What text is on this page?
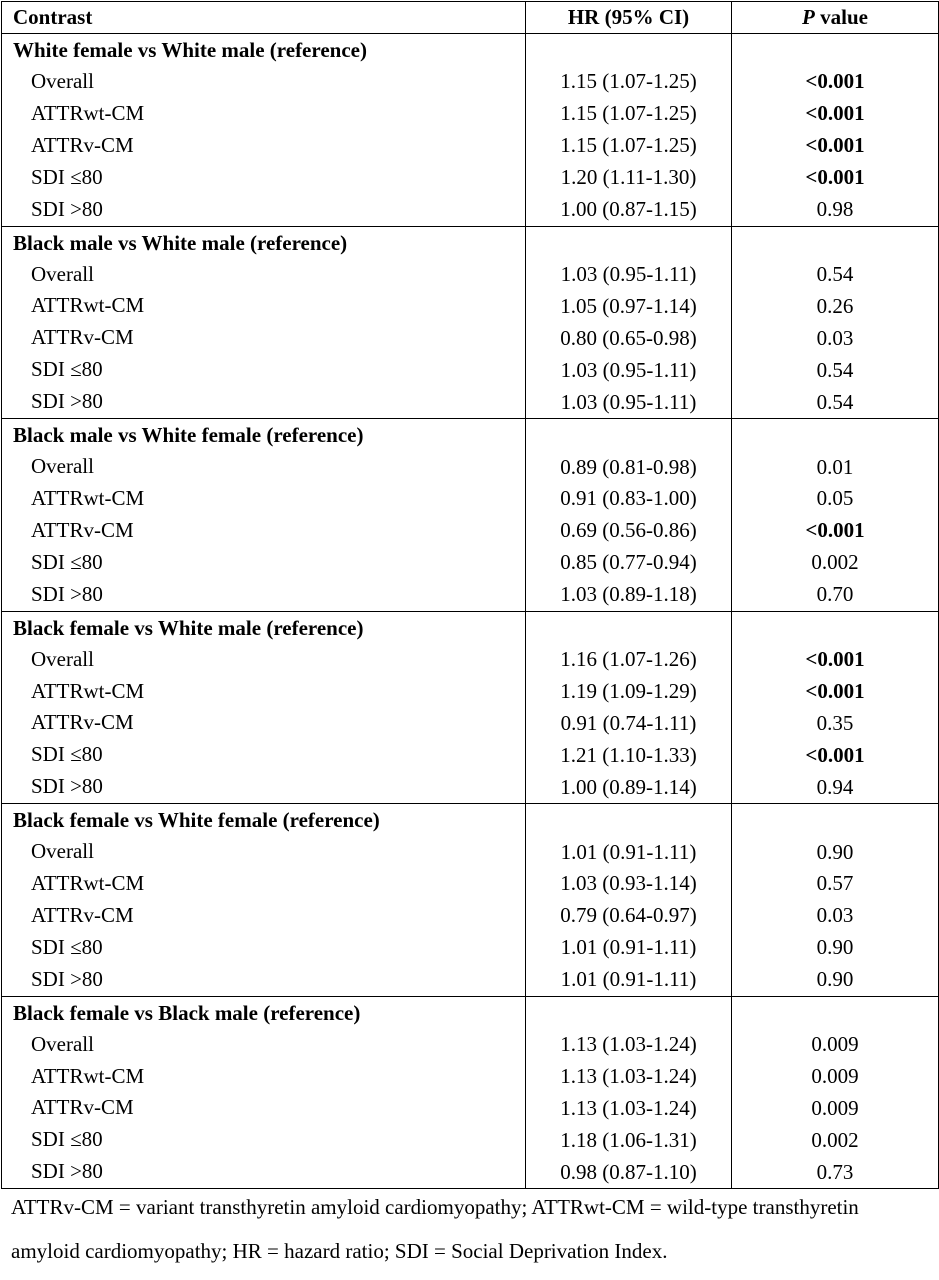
Contrast	HR (95% CI)	P value
White female vs White male (reference)		
Overall	1.15 (1.07-1.25)	<0.001
ATTRwt-CM	1.15 (1.07-1.25)	<0.001
ATTRv-CM	1.15 (1.07-1.25)	<0.001
SDI ≤80	1.20 (1.11-1.30)	<0.001
SDI >80	1.00 (0.87-1.15)	0.98
Black male vs White male (reference)		
Overall	1.03 (0.95-1.11)	0.54
ATTRwt-CM	1.05 (0.97-1.14)	0.26
ATTRv-CM	0.80 (0.65-0.98)	0.03
SDI ≤80	1.03 (0.95-1.11)	0.54
SDI >80	1.03 (0.95-1.11)	0.54
Black male vs White female (reference)		
Overall	0.89 (0.81-0.98)	0.01
ATTRwt-CM	0.91 (0.83-1.00)	0.05
ATTRv-CM	0.69 (0.56-0.86)	<0.001
SDI ≤80	0.85 (0.77-0.94)	0.002
SDI >80	1.03 (0.89-1.18)	0.70
Black female vs White male (reference)		
Overall	1.16 (1.07-1.26)	<0.001
ATTRwt-CM	1.19 (1.09-1.29)	<0.001
ATTRv-CM	0.91 (0.74-1.11)	0.35
SDI ≤80	1.21 (1.10-1.33)	<0.001
SDI >80	1.00 (0.89-1.14)	0.94
Black female vs White female (reference)		
Overall	1.01 (0.91-1.11)	0.90
ATTRwt-CM	1.03 (0.93-1.14)	0.57
ATTRv-CM	0.79 (0.64-0.97)	0.03
SDI ≤80	1.01 (0.91-1.11)	0.90
SDI >80	1.01 (0.91-1.11)	0.90
Black female vs Black male (reference)		
Overall	1.13 (1.03-1.24)	0.009
ATTRwt-CM	1.13 (1.03-1.24)	0.009
ATTRv-CM	1.13 (1.03-1.24)	0.009
SDI ≤80	1.18 (1.06-1.31)	0.002
SDI >80	0.98 (0.87-1.10)	0.73
ATTRv-CM = variant transthyretin amyloid cardiomyopathy; ATTRwt-CM = wild-type transthyretin amyloid cardiomyopathy; HR = hazard ratio; SDI = Social Deprivation Index.
